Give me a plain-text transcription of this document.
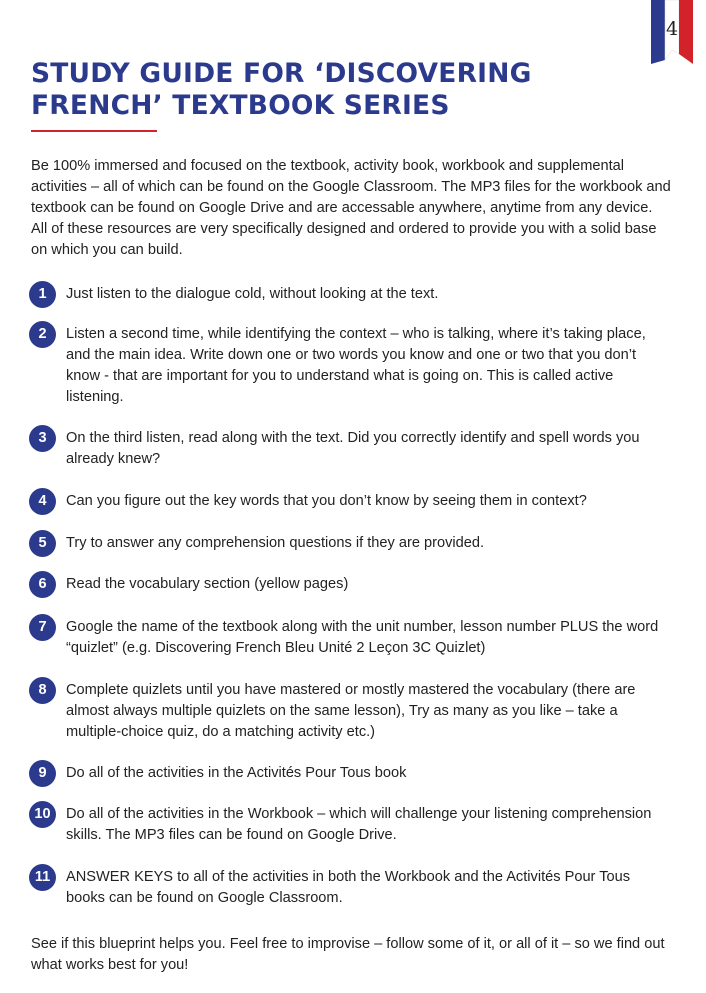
4
STUDY GUIDE FOR ‘DISCOVERING FRENCH’ TEXTBOOK SERIES

Be 100% immersed and focused on the textbook, activity book, workbook and supplemental activities – all of which can be found on the Google Classroom. The MP3 files for the workbook and textbook can be found on Google Drive and are accessable anywhere, anytime from any device. All of these resources are very specifically designed and ordered to provide you with a solid base on which you can build.

1	Just listen to the dialogue cold, without looking at the text.

2	Listen a second time, while identifying the context – who is talking, where it’s taking place, and the main idea. Write down one or two words you know and one or two that you don’t know - that are important for you to understand what is going on. This is called active listening.

3	On the third listen, read along with the text. Did you correctly identify and spell words you already knew?

4	Can you figure out the key words that you don’t know by seeing them in context?

5	Try to answer any comprehension questions if they are provided.

6	Read the vocabulary section (yellow pages)

7	Google the name of the textbook along with the unit number, lesson number PLUS the word “quizlet” (e.g. Discovering French Bleu Unité 2 Leçon 3C Quizlet)

8	Complete quizlets until you have mastered or mostly mastered the vocabulary (there are almost always multiple quizlets on the same lesson), Try as many as you like – take a multiple-choice quiz, do a matching activity etc.)

9	Do all of the activities in the Activités Pour Tous book

10	Do all of the activities in the Workbook – which will challenge your listening comprehension skills. The MP3 files can be found on Google Drive.

11	ANSWER KEYS to all of the activities in both the Workbook and the Activités Pour Tous books can be found on Google Classroom.

See if this blueprint helps you. Feel free to improvise – follow some of it, or all of it – so we find out what works best for you!
